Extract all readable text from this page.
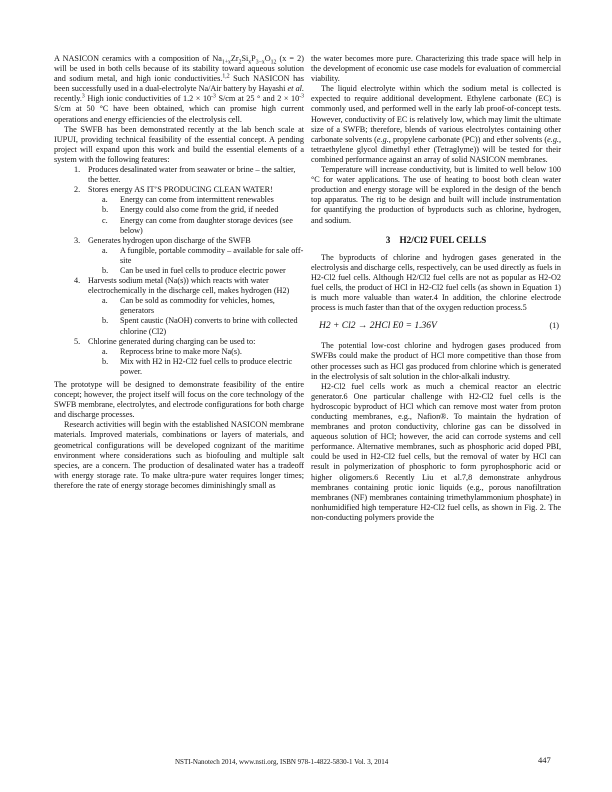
A NASICON ceramics with a composition of $Na_{1+x}Zr_2Si_xP_{3-x}O_{12}$ (x = 2) will be used in both cells because of its stability toward aqueous solution and sodium metal, and high ionic conductivities.$^{1,2}$ Such NASICON has been successfully used in a dual-electrolyte Na/Air battery by Hayashi et al. recently.$^3$ High ionic conductivities of $1.2 \times 10^{-3}$ S/cm at 25 ° and $2 \times 10^{-3}$ S/cm at 50 °C have been obtained, which can promise high current operations and energy efficiencies of the electrolysis cell.

The SWFB has been demonstrated recently at the lab bench scale at IUPUI, providing technical feasibility of the essential concept. A pending project will expand upon this work and build the essential elements of a system with the following features:

1. Produces desalinated water from seawater or brine – the saltier, the better.
2. Stores energy AS IT’S PRODUCING CLEAN WATER!
a. Energy can come from intermittent renewables
b. Energy could also come from the grid, if needed
c. Energy can come from daughter storage devices (see below)
3. Generates hydrogen upon discharge of the SWFB
a. A fungible, portable commodity – available for sale off-site
b. Can be used in fuel cells to produce electric power
4. Harvests sodium metal (Na(s)) which reacts with water electrochemically in the discharge cell, makes hydrogen (H2)
a. Can be sold as commodity for vehicles, homes, generators
b. Spent caustic (NaOH) converts to brine with collected chlorine (Cl2)
5. Chlorine generated during charging can be used to:
a. Reprocess brine to make more Na(s).
b. Mix with H2 in H2-Cl2 fuel cells to produce electric power.

The prototype will be designed to demonstrate feasibility of the entire concept; however, the project itself will focus on the core technology of the SWFB membrane, electrolytes, and electrode configurations for both charge and discharge processes.

Research activities will begin with the established NASICON membrane materials. Improved materials, combinations or layers of materials, and geometrical configurations will be developed cognizant of the maritime environment where considerations such as biofouling and multiple salt species, are a concern. The production of desalinated water has a tradeoff with energy storage rate. To make ultra-pure water requires longer times; therefore the rate of energy storage becomes diminishingly small as

the water becomes more pure. Characterizing this trade space will help in the development of economic use case models for evaluation of commercial viability.

The liquid electrolyte within which the sodium metal is collected is expected to require additional development. Ethylene carbonate (EC) is commonly used, and performed well in the early lab proof-of-concept tests. However, conductivity of EC is relatively low, which may limit the ultimate size of a SWFB; therefore, blends of various electrolytes containing other carbonate solvents (e.g., propylene carbonate (PC)) and ether solvents (e.g., tetraethylene glycol dimethyl ether (Tetraglyme)) will be tested for their combined performance against an array of solid NASICON membranes.

Temperature will increase conductivity, but is limited to well below 100 °C for water applications. The use of heating to boost both clean water production and energy storage will be explored in the design of the bench top apparatus. The rig to be design and built will include instrumentation for quantifying the production of byproducts such as chlorine, hydrogen, and sodium.

3 H2/Cl2 FUEL CELLS

The byproducts of chlorine and hydrogen gases generated in the electrolysis and discharge cells, respectively, can be used directly as fuels in H2-Cl2 fuel cells. Although H2/Cl2 fuel cells are not as popular as H2-O2 fuel cells, the product of HCl in H2-Cl2 fuel cells (as shown in Equation 1) is much more valuable than water.4 In addition, the chlorine electrode process is much faster than that of the oxygen reduction process.5

H2 + Cl2 → 2HCl E0 = 1.36V	(1)

The potential low-cost chlorine and hydrogen gases produced from SWFBs could make the product of HCl more competitive than those from other processes such as HCl gas produced from chlorine which is generated in the electrolysis of salt solution in the chlor-alkali industry.

H2-Cl2 fuel cells work as much a chemical reactor an electric generator.6 One particular challenge with H2-Cl2 fuel cells is the hydroscopic byproduct of HCl which can remove most water from proton conducting membranes, e.g., Nafion®. To maintain the hydration of membranes and proton conductivity, chlorine gas can be dissolved in aqueous solution of HCl; however, the acid can corrode systems and cell performance. Alternative membranes, such as phosphoric acid doped PBI, could be used in H2-Cl2 fuel cells, but the removal of water by HCl can result in polymerization of phosphoric to form pyrophosphoric acid or higher oligomers.6 Recently Liu et al.7,8 demonstrate anhydrous membranes containing protic ionic liquids (e.g., porous nanofiltration membranes (NF) membranes containing trimethylammonium phosphate) in nonhumidified high temperature H2-Cl2 fuel cells, as shown in Fig. 2. The non-conducting polymers provide the

NSTI-Nanotech 2014, www.nsti.org, ISBN 978-1-4822-5830-1 Vol. 3, 2014	447
